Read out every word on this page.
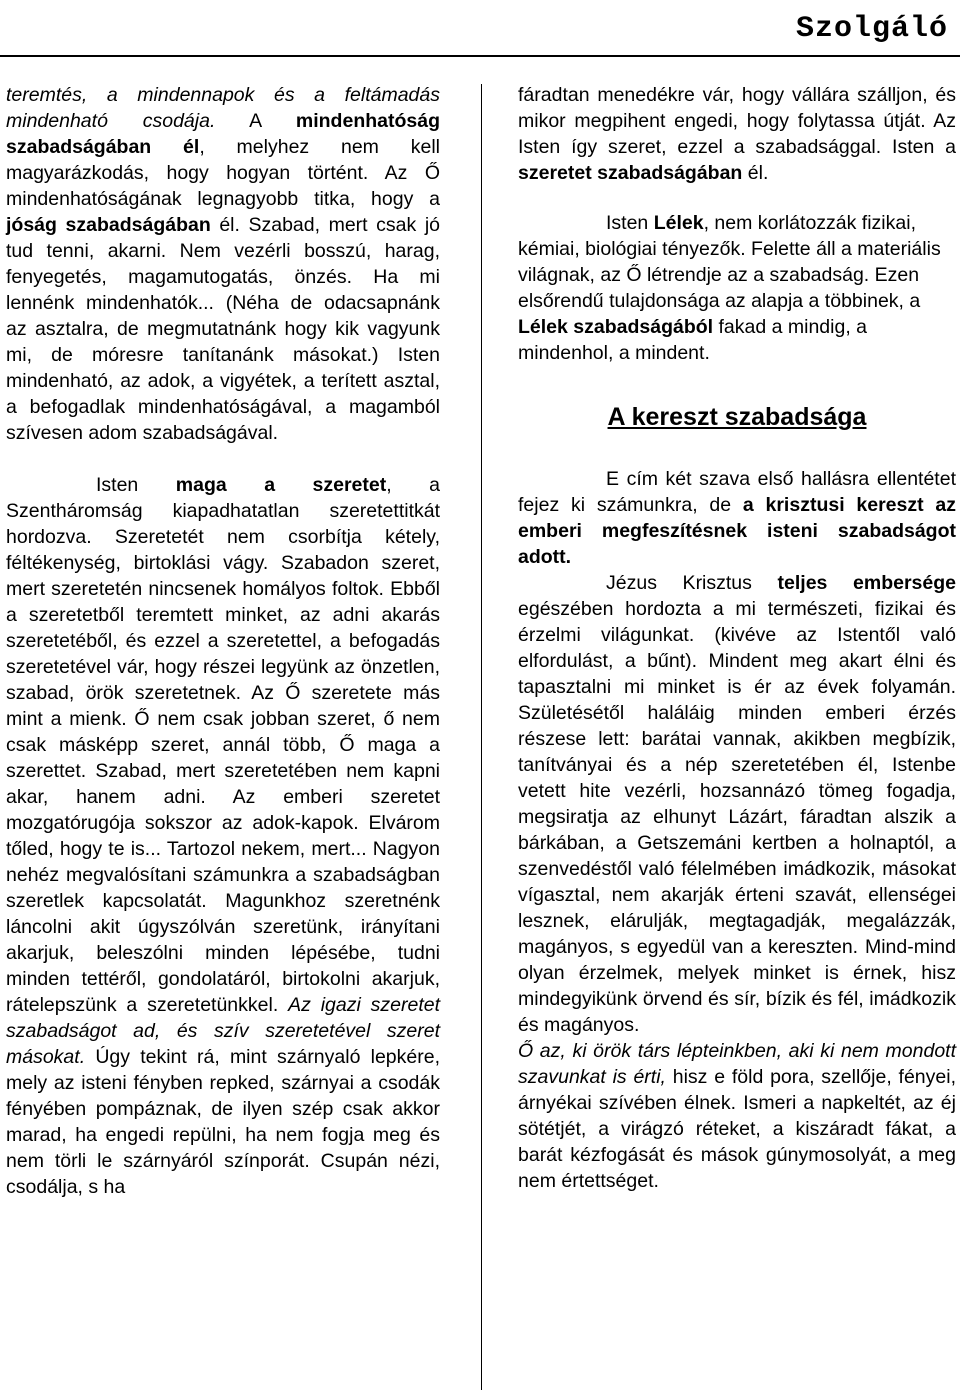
Szolgáló

teremtés, a mindennapok és a feltámadás mindenható csodája. A mindenhatóság szabadságában él, melyhez nem kell magyarázkodás, hogy hogyan történt. Az Ő mindenhatóságának legnagyobb titka, hogy a jóság szabadságában él. Szabad, mert csak jó tud tenni, akarni. Nem vezérli bosszú, harag, fenyegetés, magamutogatás, önzés. Ha mi lennénk mindenhatók... (Néha de odacsapnánk az asztalra, de megmutatnánk hogy kik vagyunk mi, de móresre tanítanánk másokat.) Isten mindenható, az adok, a vigyétek, a terített asztal, a befogadlak mindenhatóságával, a magamból szívesen adom szabadságával.

Isten maga a szeretet, a Szentháromság kiapadhatatlan szeretettitkát hordozva. Szeretetét nem csorbítja kétely, féltékenység, birtoklási vágy. Szabadon szeret, mert szeretetén nincsenek homályos foltok. Ebből a szeretetből teremtett minket, az adni akarás szeretetéből, és ezzel a szeretettel, a befogadás szeretetével vár, hogy részei legyünk az önzetlen, szabad, örök szeretetnek. Az Ő szeretete más mint a mienk. Ő nem csak jobban szeret, ő nem csak másképp szeret, annál több, Ő maga a szerettet. Szabad, mert szeretetében nem kapni akar, hanem adni. Az emberi szeretet mozgatórugója sokszor az adok-kapok. Elvárom tőled, hogy te is... Tartozol nekem, mert... Nagyon nehéz megvalósítani számunkra a szabadságban szeretlek kapcsolatát. Magunkhoz szeretnénk láncolni akit úgyszólván szeretünk, irányítani akarjuk, beleszólni minden lépésébe, tudni minden tettéről, gondolatáról, birtokolni akarjuk, rátelepszünk a szeretetünkkel. Az igazi szeretet szabadságot ad, és szív szeretetével szeret másokat. Úgy tekint rá, mint szárnyaló lepkére, mely az isteni fényben repked, szárnyai a csodák fényében pompáznak, de ilyen szép csak akkor marad, ha engedi repülni, ha nem fogja meg és nem törli le szárnyáról színporát. Csupán nézi, csodálja, s ha

fáradtan menedékre vár, hogy vállára szálljon, és mikor megpihent engedi, hogy folytassa útját. Az Isten így szeret, ezzel a szabadsággal. Isten a szeretet szabadságában él.

Isten Lélek, nem korlátozzák fizikai, kémiai, biológiai tényezők. Felette áll a materiális világnak, az Ő létrendje az a szabadság. Ezen elsőrendű tulajdonsága az alapja a többinek, a Lélek szabadságából fakad a mindig, a mindenhol, a mindent.

A kereszt szabadsága

E cím két szava első hallásra ellentétet fejez ki számunkra, de a krisztusi kereszt az emberi megfeszítésnek isteni szabadságot adott.

Jézus Krisztus teljes embersége egészében hordozta a mi természeti, fizikai és érzelmi világunkat. (kivéve az Istentől való elfordulást, a bűnt). Mindent meg akart élni és tapasztalni mi minket is ér az évek folyamán. Születésétől haláláig minden emberi érzés részese lett: barátai vannak, akikben megbízik, tanítványai és a nép szeretetében él, Istenbe vetett hite vezérli, hozsannázó tömeg fogadja, megsiratja az elhunyt Lázárt, fáradtan alszik a bárkában, a Getszemáni kertben a holnaptól, a szenvedéstől való félelmében imádkozik, másokat vígasztal, nem akarják érteni szavát, ellenségei lesznek, elárulják, megtagadják, megalázzák, magányos, s egyedül van a kereszten. Mind-mind olyan érzelmek, melyek minket is érnek, hisz mindegyikünk örvend és sír, bízik és fél, imádkozik és magányos.

Ő az, ki örök társ lépteinkben, aki ki nem mondott szavunkat is érti, hisz e föld pora, szellője, fényei, árnyékai szívében élnek. Ismeri a napkeltét, az éj sötétjét, a virágzó réteket, a kiszáradt fákat, a barát kézfogását és mások gúnymosolyát, a meg nem értettséget.
